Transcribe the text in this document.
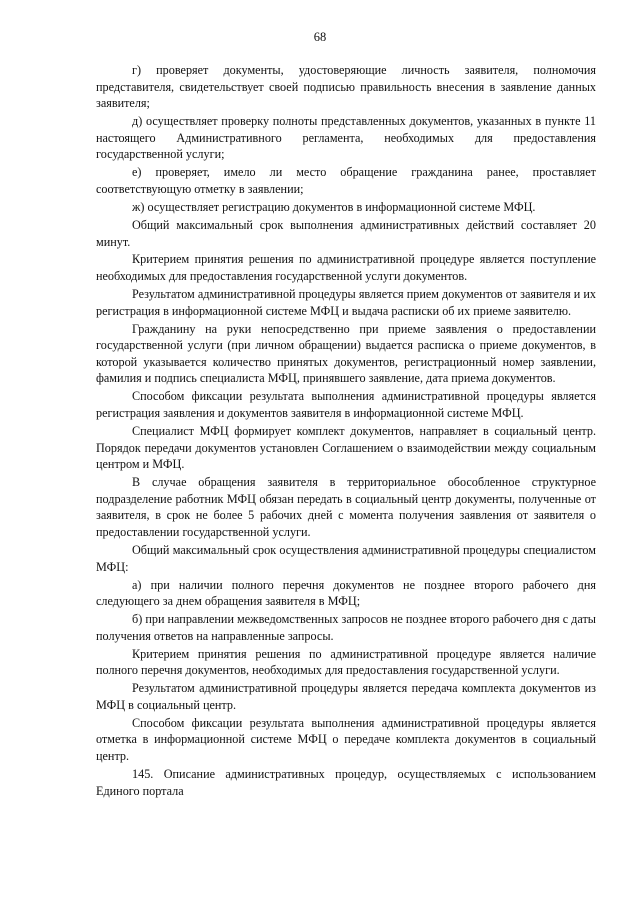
68

г) проверяет документы, удостоверяющие личность заявителя, полномочия представителя, свидетельствует своей подписью правильность внесения в заявление данных заявителя;

д) осуществляет проверку полноты представленных документов, указанных в пункте 11 настоящего Административного регламента, необходимых для предоставления государственной услуги;

е) проверяет, имело ли место обращение гражданина ранее, проставляет соответствующую отметку в заявлении;

ж) осуществляет регистрацию документов в информационной системе МФЦ.

Общий максимальный срок выполнения административных действий составляет 20 минут.

Критерием принятия решения по административной процедуре является поступление необходимых для предоставления государственной услуги документов.

Результатом административной процедуры является прием документов от заявителя и их регистрация в информационной системе МФЦ и выдача расписки об их приеме заявителю.

Гражданину на руки непосредственно при приеме заявления о предоставлении государственной услуги (при личном обращении) выдается расписка о приеме документов, в которой указывается количество принятых документов, регистрационный номер заявлении, фамилия и подпись специалиста МФЦ, принявшего заявление, дата приема документов.

Способом фиксации результата выполнения административной процедуры является регистрация заявления и документов заявителя в информационной системе МФЦ.

Специалист МФЦ формирует комплект документов, направляет в социальный центр. Порядок передачи документов установлен Соглашением о взаимодействии между социальным центром и МФЦ.

В случае обращения заявителя в территориальное обособленное структурное подразделение работник МФЦ обязан передать в социальный центр документы, полученные от заявителя, в срок не более 5 рабочих дней с момента получения заявления от заявителя о предоставлении государственной услуги.

Общий максимальный срок осуществления административной процедуры специалистом МФЦ:

а) при наличии полного перечня документов не позднее второго рабочего дня следующего за днем обращения заявителя в МФЦ;

б) при направлении межведомственных запросов не позднее второго рабочего дня с даты получения ответов на направленные запросы.

Критерием принятия решения по административной процедуре является наличие полного перечня документов, необходимых для предоставления государственной услуги.

Результатом административной процедуры является передача комплекта документов из МФЦ в социальный центр.

Способом фиксации результата выполнения административной процедуры является отметка в информационной системе МФЦ о передаче комплекта документов в социальный центр.

145. Описание административных процедур, осуществляемых с использованием Единого портала
